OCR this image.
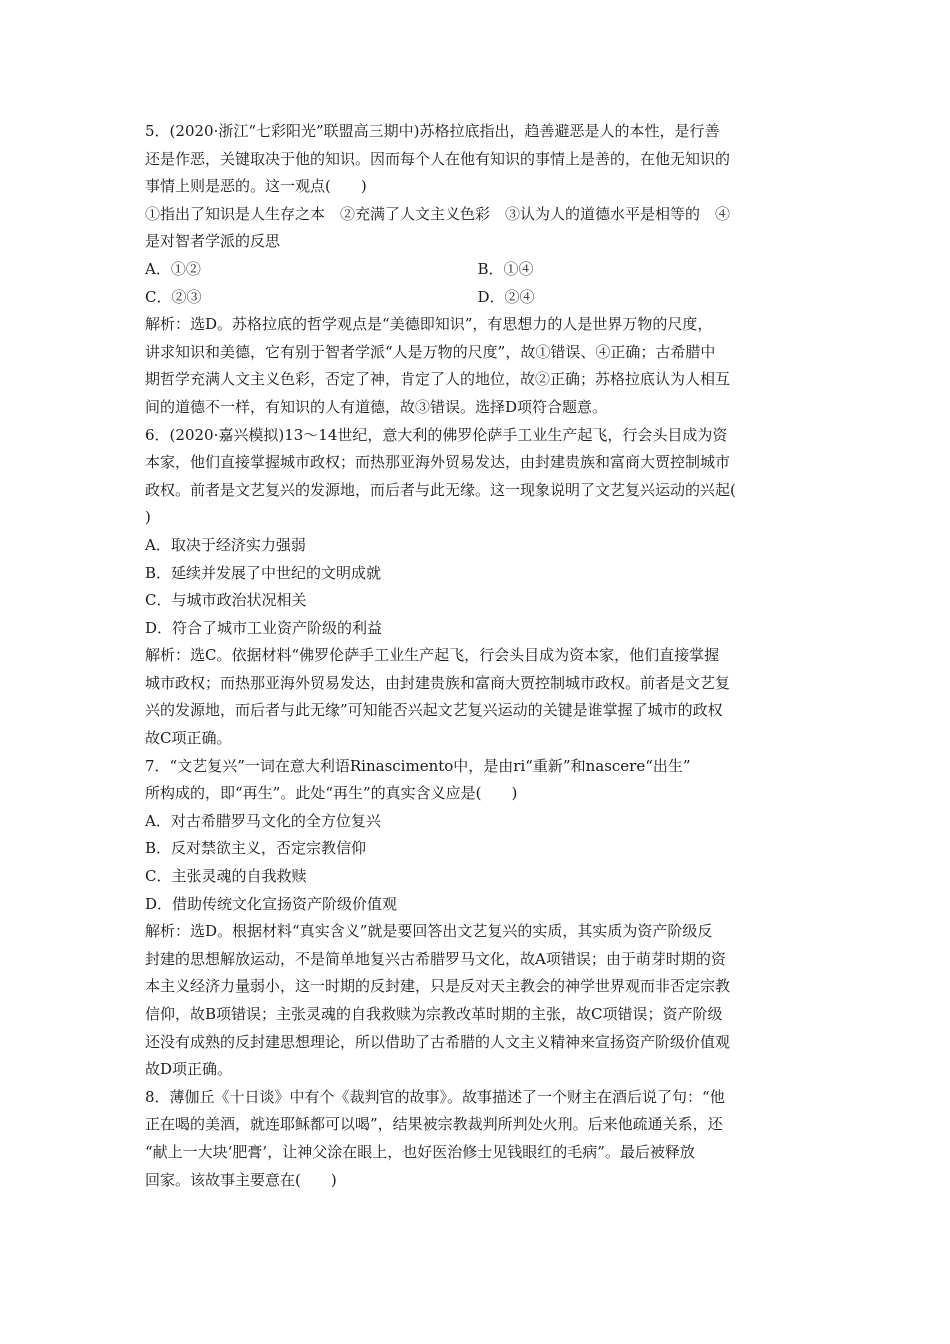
5．(2020·浙江“七彩阳光”联盟高三期中)苏格拉底指出，趋善避恶是人的本性，是行善
还是作恶，关键取决于他的知识。因而每个人在他有知识的事情上是善的，在他无知识的
事情上则是恶的。这一观点(　　)
①指出了知识是人生存之本　②充满了人文主义色彩　③认为人的道德水平是相等的　④
是对智者学派的反思
A．①②	B．①④
C．②③	D．②④
解析：选D。苏格拉底的哲学观点是“美德即知识”，有思想力的人是世界万物的尺度，
讲求知识和美德，它有别于智者学派“人是万物的尺度”，故①错误、④正确；古希腊中
期哲学充满人文主义色彩，否定了神，肯定了人的地位，故②正确；苏格拉底认为人相互
间的道德不一样，有知识的人有道德，故③错误。选择D项符合题意。
6．(2020·嘉兴模拟)13～14世纪，意大利的佛罗伦萨手工业生产起飞，行会头目成为资
本家，他们直接掌握城市政权；而热那亚海外贸易发达，由封建贵族和富商大贾控制城市
政权。前者是文艺复兴的发源地，而后者与此无缘。这一现象说明了文艺复兴运动的兴起(
)
A．取决于经济实力强弱
B．延续并发展了中世纪的文明成就
C．与城市政治状况相关
D．符合了城市工业资产阶级的利益
解析：选C。依据材料“佛罗伦萨手工业生产起飞，行会头目成为资本家，他们直接掌握
城市政权；而热那亚海外贸易发达，由封建贵族和富商大贾控制城市政权。前者是文艺复
兴的发源地，而后者与此无缘”可知能否兴起文艺复兴运动的关键是谁掌握了城市的政权
故C项正确。
7．“文艺复兴”一词在意大利语Rinascimento中，是由ri“重新”和nascere“出生”
所构成的，即“再生”。此处“再生”的真实含义应是(　　)
A．对古希腊罗马文化的全方位复兴
B．反对禁欲主义，否定宗教信仰
C．主张灵魂的自我救赎
D．借助传统文化宣扬资产阶级价值观
解析：选D。根据材料“真实含义”就是要回答出文艺复兴的实质，其实质为资产阶级反
封建的思想解放运动，不是简单地复兴古希腊罗马文化，故A项错误；由于萌芽时期的资
本主义经济力量弱小，这一时期的反封建，只是反对天主教会的神学世界观而非否定宗教
信仰，故B项错误；主张灵魂的自我救赎为宗教改革时期的主张，故C项错误；资产阶级
还没有成熟的反封建思想理论，所以借助了古希腊的人文主义精神来宣扬资产阶级价值观
故D项正确。
8．薄伽丘《十日谈》中有个《裁判官的故事》。故事描述了一个财主在酒后说了句：“他
正在喝的美酒，就连耶稣都可以喝”，结果被宗教裁判所判处火刑。后来他疏通关系，还
“献上一大块‘肥膏’，让神父涂在眼上，也好医治修士见钱眼红的毛病”。最后被释放
回家。该故事主要意在(　　)
